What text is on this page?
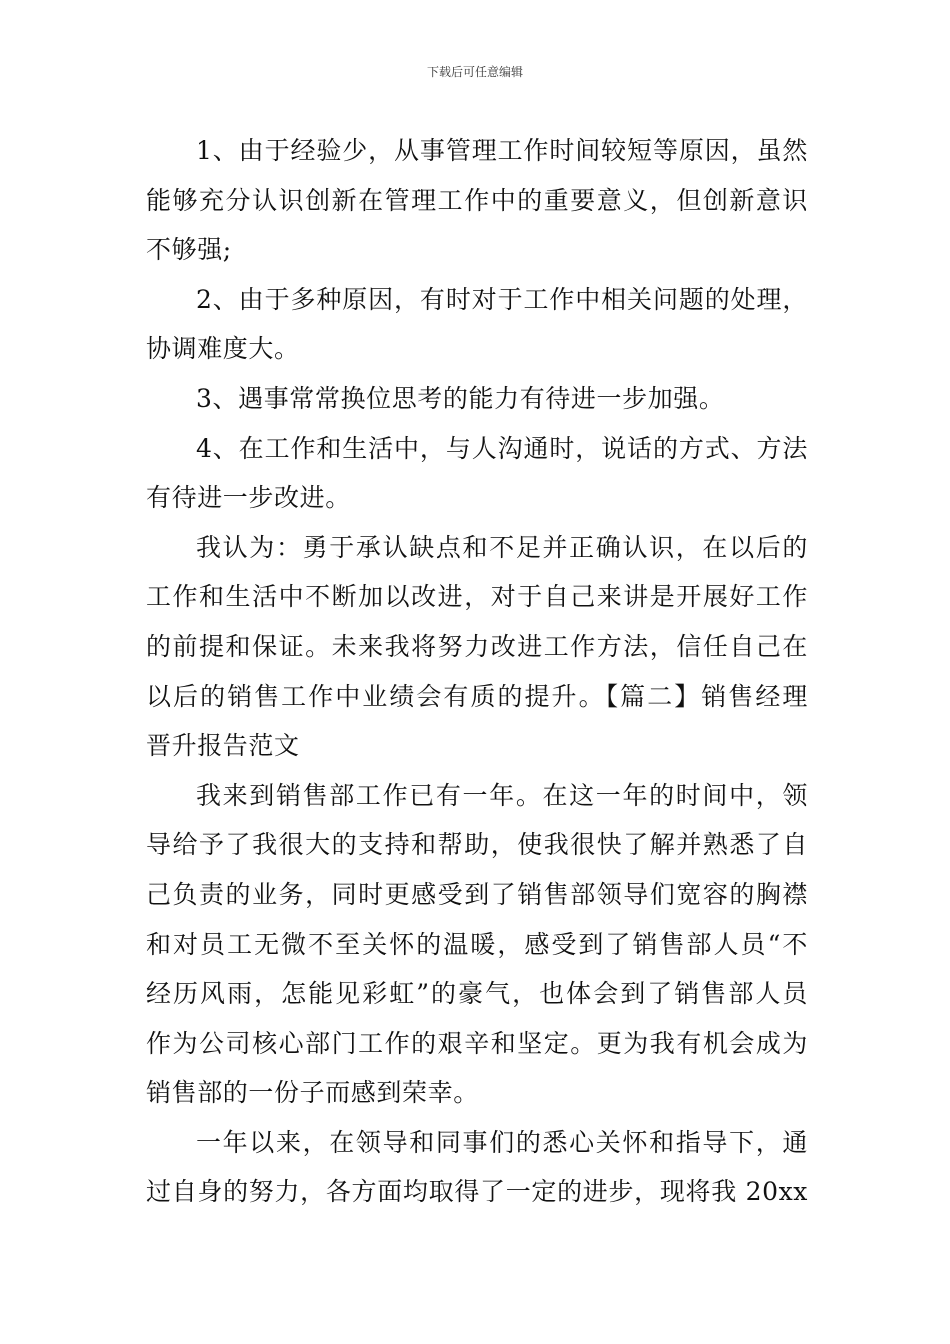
下载后可任意编辑
1、由于经验少，从事管理工作时间较短等原因，虽然
能够充分认识创新在管理工作中的重要意义，但创新意识
不够强;
2、由于多种原因，有时对于工作中相关问题的处理，
协调难度大。
3、遇事常常换位思考的能力有待进一步加强。
4、在工作和生活中，与人沟通时，说话的方式、方法
有待进一步改进。
我认为：勇于承认缺点和不足并正确认识，在以后的
工作和生活中不断加以改进，对于自己来讲是开展好工作
的前提和保证。未来我将努力改进工作方法，信任自己在
以后的销售工作中业绩会有质的提升。【篇二】销售经理
晋升报告范文
我来到销售部工作已有一年。在这一年的时间中，领
导给予了我很大的支持和帮助，使我很快了解并熟悉了自
己负责的业务，同时更感受到了销售部领导们宽容的胸襟
和对员工无微不至关怀的温暖，感受到了销售部人员“不
经历风雨，怎能见彩虹”的豪气，也体会到了销售部人员
作为公司核心部门工作的艰辛和坚定。更为我有机会成为
销售部的一份子而感到荣幸。
一年以来，在领导和同事们的悉心关怀和指导下，通
过自身的努力，各方面均取得了一定的进步，现将我 20xx
